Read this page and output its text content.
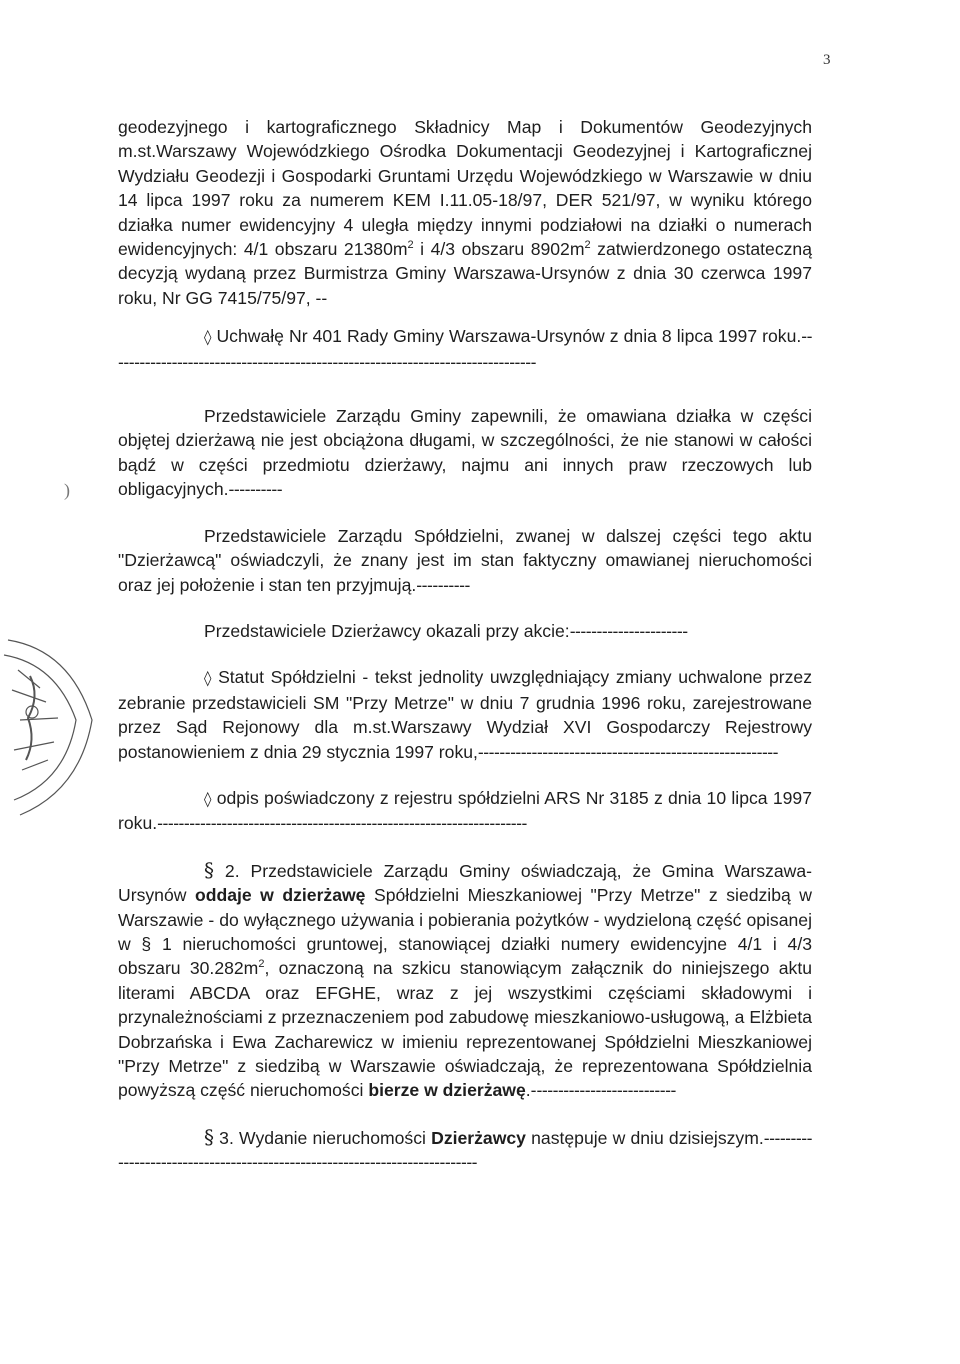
3
)

geodezyjnego i kartograficznego Składnicy Map i Dokumentów Geodezyjnych m.st.Warszawy Wojewódzkiego Ośrodka Dokumentacji Geodezyjnej i Kartograficznej Wydziału Geodezji i Gospodarki Gruntami Urzędu Wojewódzkiego w Warszawie w dniu 14 lipca 1997 roku za numerem KEM I.11.05-18/97, DER 521/97, w wyniku którego działka numer ewidencyjny 4 uległa między innymi podziałowi na działki o numerach ewidencyjnych: 4/1 obszaru $21380m^2$ i 4/3 obszaru $8902m^2$ zatwierdzonego ostateczną decyzją wydaną przez Burmistrza Gminy Warszawa-Ursynów z dnia 30 czerwca 1997 roku, Nr GG 7415/75/97, --

◊ Uchwałę Nr 401 Rady Gminy Warszawa-Ursynów z dnia 8 lipca 1997 roku.--------------------------------------------------------------------------------

Przedstawiciele Zarządu Gminy zapewnili, że omawiana działka w części objętej dzierżawą nie jest obciążona długami, w szczególności, że nie stanowi w całości bądź w części przedmiotu dzierżawy, najmu ani innych praw rzeczowych lub obligacyjnych.----------

Przedstawiciele Zarządu Spółdzielni, zwanej w dalszej części tego aktu "Dzierżawcą" oświadczyli, że znany jest im stan faktyczny omawianej nieruchomości oraz jej położenie i stan ten przyjmują.----------

Przedstawiciele Dzierżawcy okazali przy akcie:----------------------

◊ Statut Spółdzielni - tekst jednolity uwzględniający zmiany uchwalone przez zebranie przedstawicieli SM "Przy Metrze" w dniu 7 grudnia 1996 roku, zarejestrowane przez Sąd Rejonowy dla m.st.Warszawy Wydział XVI Gospodarczy Rejestrowy postanowieniem z dnia 29 stycznia 1997 roku,--------------------------------------------------------

◊ odpis poświadczony z rejestru spółdzielni ARS Nr 3185 z dnia 10 lipca 1997 roku.---------------------------------------------------------------------

§ 2. Przedstawiciele Zarządu Gminy oświadczają, że Gmina Warszawa-Ursynów oddaje w dzierżawę Spółdzielni Mieszkaniowej "Przy Metrze" z siedzibą w Warszawie - do wyłącznego używania i pobierania pożytków - wydzieloną część opisanej w § 1 nieruchomości gruntowej, stanowiącej działki numery ewidencyjne 4/1 i 4/3 obszaru $30.282m^2$, oznaczoną na szkicu stanowiącym załącznik do niniejszego aktu literami ABCDA oraz EFGHE, wraz z jej wszystkimi częściami składowymi i przynależnościami z przeznaczeniem pod zabudowę mieszkaniowo-usługową, a Elżbieta Dobrzańska i Ewa Zacharewicz w imieniu reprezentowanej Spółdzielni Mieszkaniowej "Przy Metrze" z siedzibą w Warszawie oświadczają, że reprezentowana Spółdzielnia powyższą część nieruchomości bierze w dzierżawę.---------------------------

§ 3. Wydanie nieruchomości Dzierżawcy następuje w dniu dzisiejszym.----------------------------------------------------------------------------
